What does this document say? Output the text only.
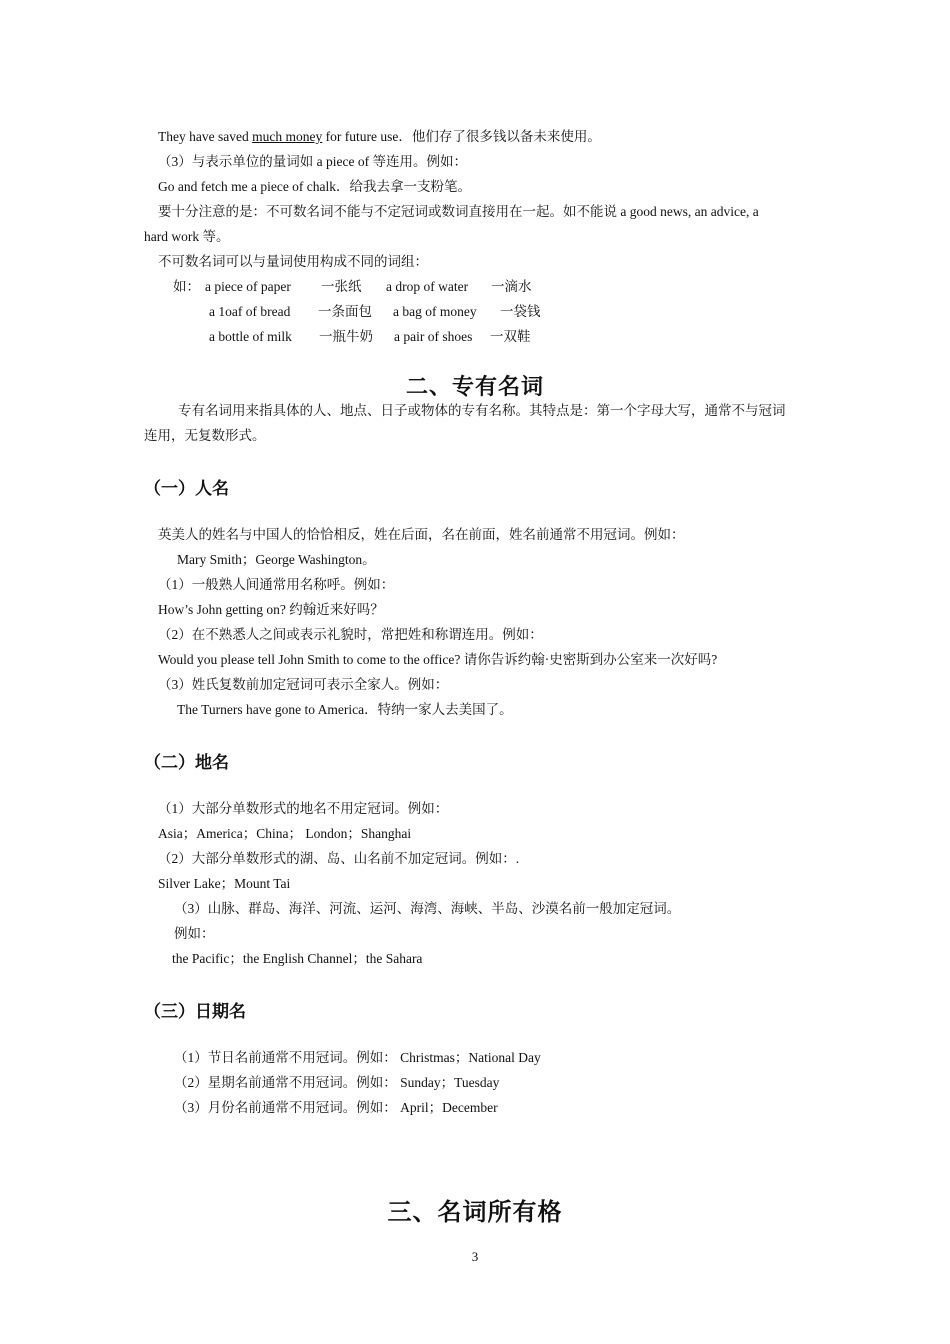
They have saved much money for future use．他们存了很多钱以备未来使用。
（3）与表示单位的量词如 a piece of 等连用。例如：
Go and fetch me a piece of chalk．给我去拿一支粉笔。
要十分注意的是：不可数名词不能与不定冠词或数词直接用在一起。如不能说 a good news, an advice, a
hard work 等。
不可数名词可以与量词使用构成不同的词组：
如： a piece of paper 一张纸 a drop of water 一滴水
a 1oaf of bread 一条面包 a bag of money 一袋钱
a bottle of milk 一瓶牛奶 a pair of shoes 一双鞋
二、专有名词
专有名词用来指具体的人、地点、日子或物体的专有名称。其特点是：第一个字母大写，通常不与冠词
连用，无复数形式。
（一）人名
英美人的姓名与中国人的恰恰相反，姓在后面，名在前面，姓名前通常不用冠词。例如：
Mary Smith；George Washington。
（1）一般熟人间通常用名称呼。例如：
How’s John getting on? 约翰近来好吗？
（2）在不熟悉人之间或表示礼貌时，常把姓和称谓连用。例如：
Would you please tell John Smith to come to the office? 请你告诉约翰·史密斯到办公室来一次好吗?
（3）姓氏复数前加定冠词可表示全家人。例如：
The Turners have gone to America．特纳一家人去美国了。
（二）地名
（1）大部分单数形式的地名不用定冠词。例如：
Asia；America；China； London；Shanghai
（2）大部分单数形式的湖、岛、山名前不加定冠词。例如：.
Silver Lake；Mount Tai
（3）山脉、群岛、海洋、河流、运河、海湾、海峡、半岛、沙漠名前一般加定冠词。
例如：
the Pacific；the English Channel；the Sahara
（三）日期名
（1）节日名前通常不用冠词。例如： Christmas；National Day
（2）星期名前通常不用冠词。例如： Sunday；Tuesday
（3）月份名前通常不用冠词。例如： April；December
三、名词所有格
3
